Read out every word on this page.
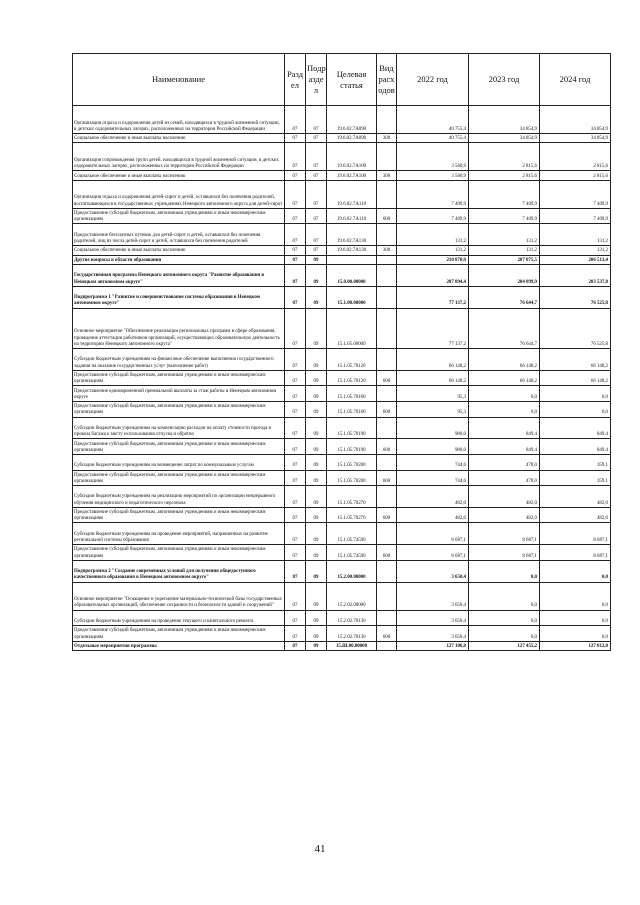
Наименование	Разд ел	Подр азде л	Целевая статья	Вид расх одов	2022 год	2023 год	2024 год
Организация отдыха и оздоровления детей из семей, находящихся в трудной жизненной ситуации, в детских оздоровительных лагерях, расположенных на территории Российской Федерации	07	07	19.6.02.7А090		40 755,4	34 854,9	34 854,9
Социальное обеспечение и иные выплаты населению	07	07	19.6.02.7А090	300	40 755,4	34 854,9	34 854,9
Организация сопровождения групп детей, находящихся в трудной жизненной ситуации, в детских оздоровительных лагерях, расположенных на территории Российской Федерации	07	07	19.6.02.7А100		3 560,9	2 815,6	2 815,6
Социальное обеспечение и иные выплаты населению	07	07	19.6.02.7А100	300	3 560,9	2 815,6	2 815,6
Организация отдыха и оздоровления детей-сирот и детей, оставшихся без попечения родителей, воспитывающихся в государственных учреждениях Ненецкого автономного округа для детей-сирот	07	07	19.6.02.7А110		7 409,9	7 409,9	7 409,9
Предоставление субсидий бюджетным, автономным учреждениям и иным некоммерческим организациям	07	07	19.6.02.7А110	600	7 409,9	7 409,9	7 409,9
Предоставление бесплатных путевок для детей-сирот и детей, оставшихся без попечения родителей, лиц из числа детей-сирот и детей, оставшихся без попечения родителей	07	07	19.6.02.7А130		131,2	131,2	131,2
Социальное обеспечение и иные выплаты населению	07	07	19.6.02.7А130	300	131,2	131,2	131,2
Другие вопросы в области образования	07	09			210 870,0	207 075,5	206 513,4
Государственная программа Ненецкого автономного округа "Развитие образования в Ненецком автономном округе"	07	09	15.0.00.00000		207 894,4	204 099,9	203 537,8
Подпрограмма 1 "Развитие и совершенствование системы образования в Ненецком автономном округе"	07	09	15.1.00.00000		77 137,2	76 644,7	76 525,8
Основное мероприятие "Обеспечение реализации региональных программ в сфере образования, проведение аттестации работников организаций, осуществляющих образовательную деятельность на территории Ненецкого автономного округа"	07	09	15.1.05.00000		77 137,2	76 644,7	76 525,8
Субсидии бюджетным учреждениям на финансовое обеспечение выполнения государственного задания на оказание государственных услуг (выполнение работ)	07	09	15.1.05.70120		66 148,2	66 148,2	66 148,2
Предоставление субсидий бюджетным, автономным учреждениям и иным некоммерческим организациям	07	09	15.1.05.70120	600	66 148,2	66 148,2	66 148,2
Предоставление единовременной премиальной выплаты за стаж работы в Ненецком автономном округе	07	09	15.1.05.70160		95,3	0,0	0,0
Предоставление субсидий бюджетным, автономным учреждениям и иным некоммерческим организациям	07	09	15.1.05.70160	600	95,3	0,0	0,0
Субсидии бюджетным учреждениям на компенсацию расходов на оплату стоимости проезда и провоза багажа к месту использования отпуска и обратно	07	09	15.1.05.70190		980,0	849,4	849,4
Предоставление субсидий бюджетным, автономным учреждениям и иным некоммерческим организациям	07	09	15.1.05.70190	600	980,0	849,4	849,4
Субсидии бюджетным учреждениям на возмещение затрат по коммунальным услугам	07	09	15.1.05.70200		744,6	478,0	359,1
Предоставление субсидий бюджетным, автономным учреждениям и иным некоммерческим организациям	07	09	15.1.05.70200	600	744,6	478,0	359,1
Субсидии бюджетным учреждениям на реализацию мероприятий по организации непрерывного обучения медицинского и педагогического персонала	07	09	15.1.05.70270		482,0	482,0	482,0
Предоставление субсидий бюджетным, автономным учреждениям и иным некоммерческим организациям	07	09	15.1.05.70270	600	482,0	482,0	482,0
Субсидии бюджетным учреждениям на проведение мероприятий, направленных на развитие региональной системы образования	07	09	15.1.05.74590		8 687,1	8 687,1	8 687,1
Предоставление субсидий бюджетным, автономным учреждениям и иным некоммерческим организациям	07	09	15.1.05.74590	600	8 687,1	8 687,1	8 687,1
Подпрограмма 2 "Создание современных условий для получения общедоступного качественного образования в Ненецком автономном округе"	07	09	15.2.00.00000		3 650,4	0,0	0,0
Основное мероприятие "Оснащение и укрепление материально-технической базы государственных образовательных организаций, обеспечение сохранности и безопасности зданий и сооружений"	07	09	15.2.02.00000		3 650,4	0,0	0,0
Субсидии бюджетным учреждениям на проведение текущего и капитального ремонта	07	09	15.2.02.70130		3 650,4	0,0	0,0
Предоставление субсидий бюджетным, автономным учреждениям и иным некоммерческим организациям	07	09	15.2.02.70130	600	3 650,4	0,0	0,0
Отдельные мероприятия программы	07	09	15.Ш.00.00000		127 106,8	127 455,2	127 012,0
41
